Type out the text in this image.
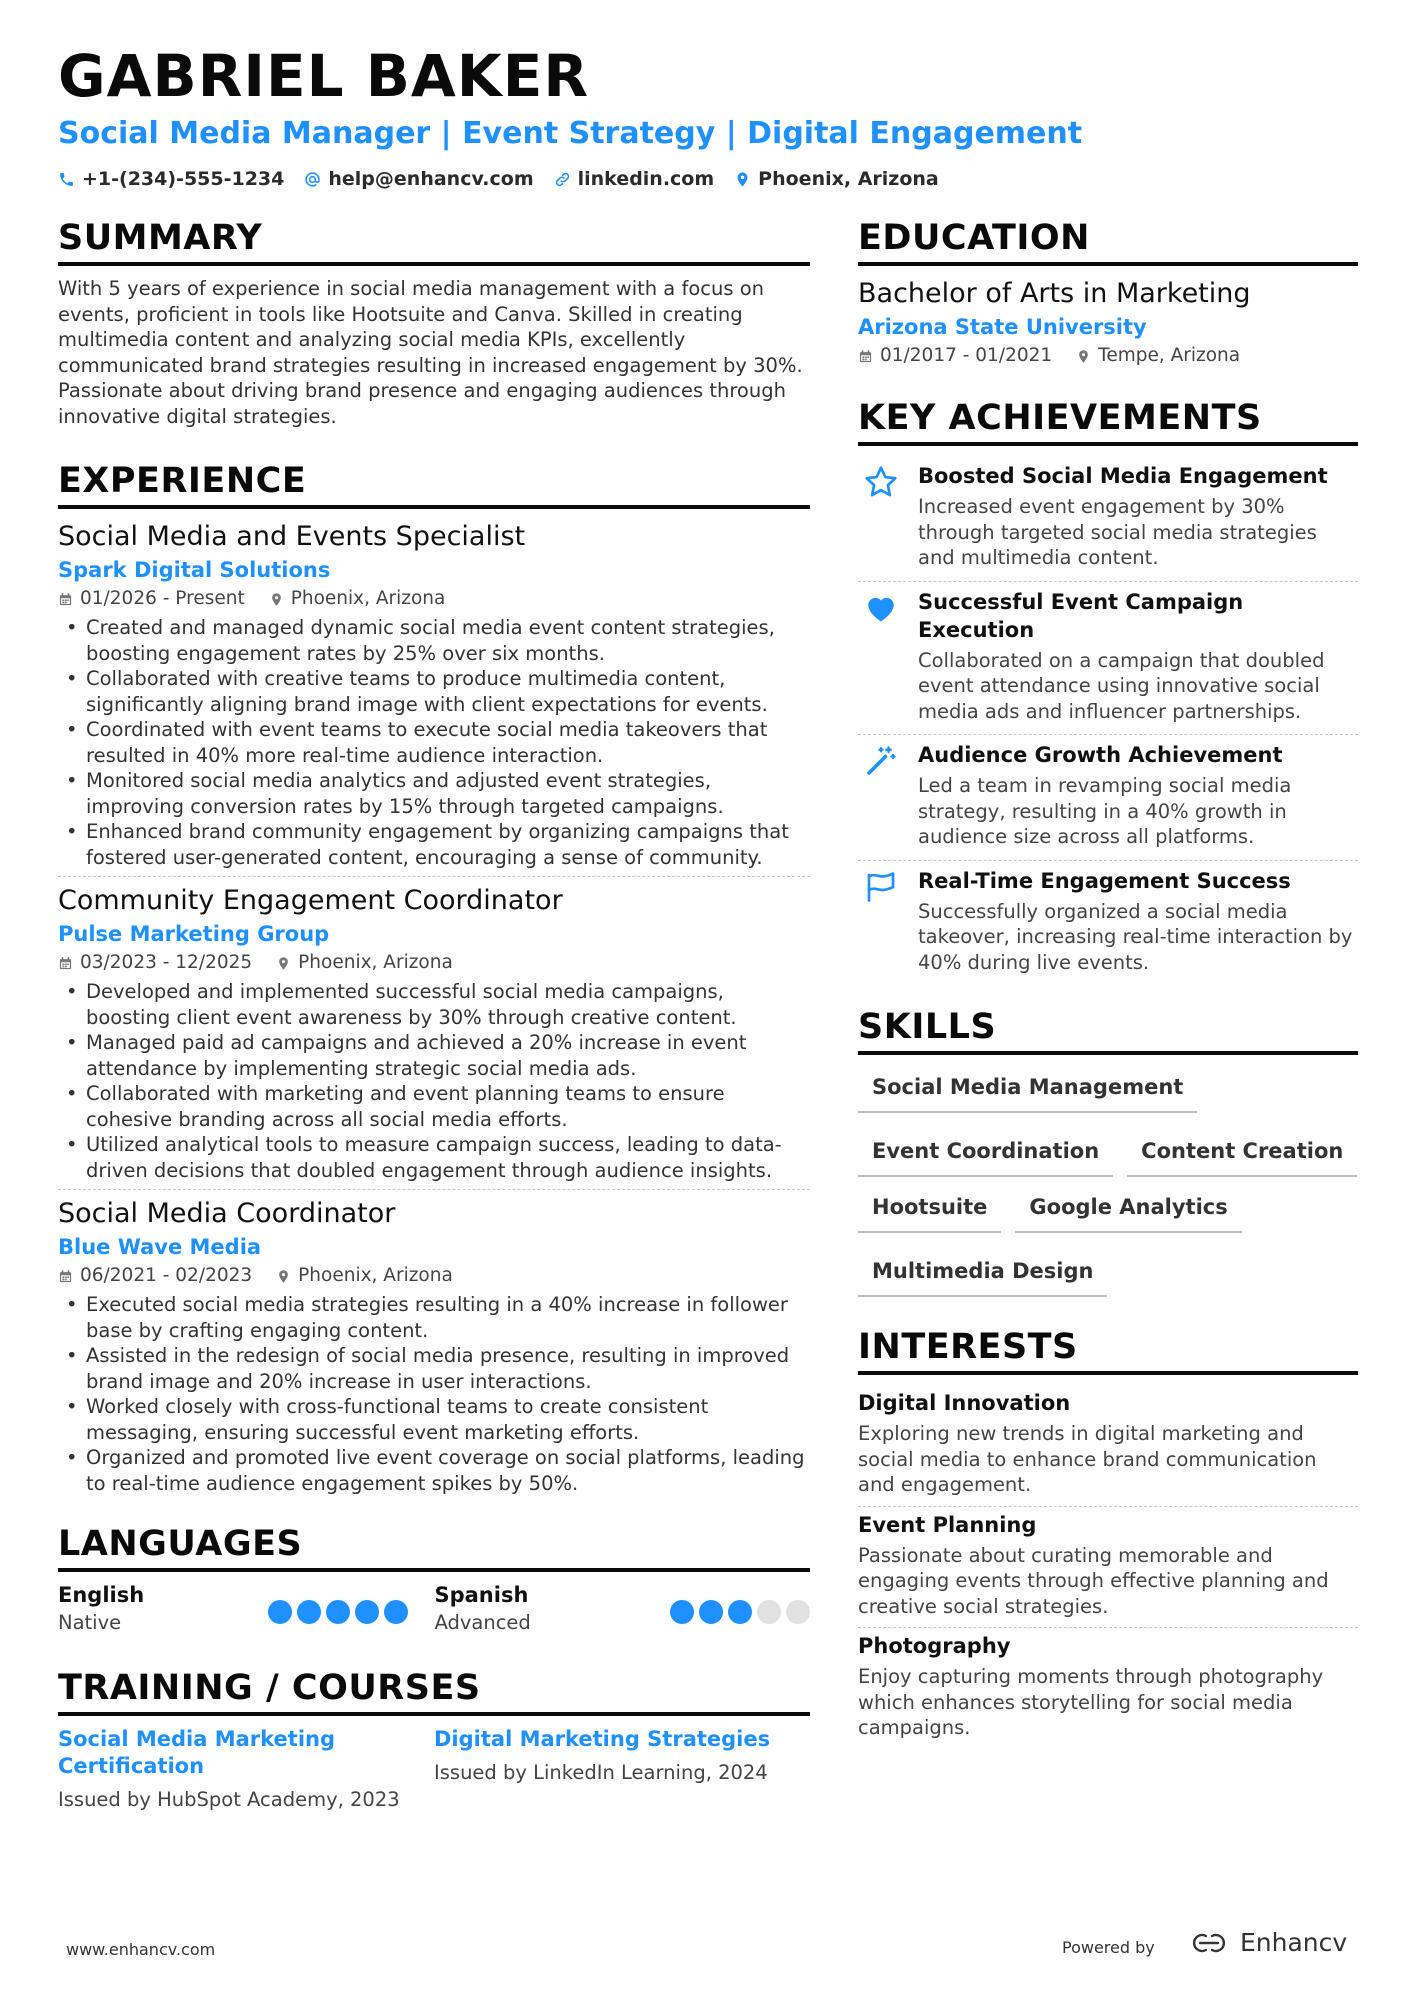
GABRIEL BAKER
Social Media Manager | Event Strategy | Digital Engagement
+1-(234)-555-1234 help@enhancv.com linkedin.com Phoenix, Arizona
SUMMARY
With 5 years of experience in social media management with a focus on events, proficient in tools like Hootsuite and Canva. Skilled in creating multimedia content and analyzing social media KPIs, excellently communicated brand strategies resulting in increased engagement by 30%. Passionate about driving brand presence and engaging audiences through innovative digital strategies.
EXPERIENCE
Social Media and Events Specialist
Spark Digital Solutions
01/2026 - Present Phoenix, Arizona
• Created and managed dynamic social media event content strategies, boosting engagement rates by 25% over six months.
• Collaborated with creative teams to produce multimedia content, significantly aligning brand image with client expectations for events.
• Coordinated with event teams to execute social media takeovers that resulted in 40% more real-time audience interaction.
• Monitored social media analytics and adjusted event strategies, improving conversion rates by 15% through targeted campaigns.
• Enhanced brand community engagement by organizing campaigns that fostered user-generated content, encouraging a sense of community.
Community Engagement Coordinator
Pulse Marketing Group
03/2023 - 12/2025 Phoenix, Arizona
• Developed and implemented successful social media campaigns, boosting client event awareness by 30% through creative content.
• Managed paid ad campaigns and achieved a 20% increase in event attendance by implementing strategic social media ads.
• Collaborated with marketing and event planning teams to ensure cohesive branding across all social media efforts.
• Utilized analytical tools to measure campaign success, leading to data-driven decisions that doubled engagement through audience insights.
Social Media Coordinator
Blue Wave Media
06/2021 - 02/2023 Phoenix, Arizona
• Executed social media strategies resulting in a 40% increase in follower base by crafting engaging content.
• Assisted in the redesign of social media presence, resulting in improved brand image and 20% increase in user interactions.
• Worked closely with cross-functional teams to create consistent messaging, ensuring successful event marketing efforts.
• Organized and promoted live event coverage on social platforms, leading to real-time audience engagement spikes by 50%.
LANGUAGES
English
Native
Spanish
Advanced
TRAINING / COURSES
Social Media Marketing Certification
Issued by HubSpot Academy, 2023
Digital Marketing Strategies
Issued by LinkedIn Learning, 2024
EDUCATION
Bachelor of Arts in Marketing
Arizona State University
01/2017 - 01/2021 Tempe, Arizona
KEY ACHIEVEMENTS
Boosted Social Media Engagement
Increased event engagement by 30% through targeted social media strategies and multimedia content.
Successful Event Campaign Execution
Collaborated on a campaign that doubled event attendance using innovative social media ads and influencer partnerships.
Audience Growth Achievement
Led a team in revamping social media strategy, resulting in a 40% growth in audience size across all platforms.
Real-Time Engagement Success
Successfully organized a social media takeover, increasing real-time interaction by 40% during live events.
SKILLS
Social Media Management
Event Coordination	Content Creation
Hootsuite	Google Analytics
Multimedia Design
INTERESTS
Digital Innovation
Exploring new trends in digital marketing and social media to enhance brand communication and engagement.
Event Planning
Passionate about curating memorable and engaging events through effective planning and creative social strategies.
Photography
Enjoy capturing moments through photography which enhances storytelling for social media campaigns.
www.enhancv.com	Powered by	Enhancv
